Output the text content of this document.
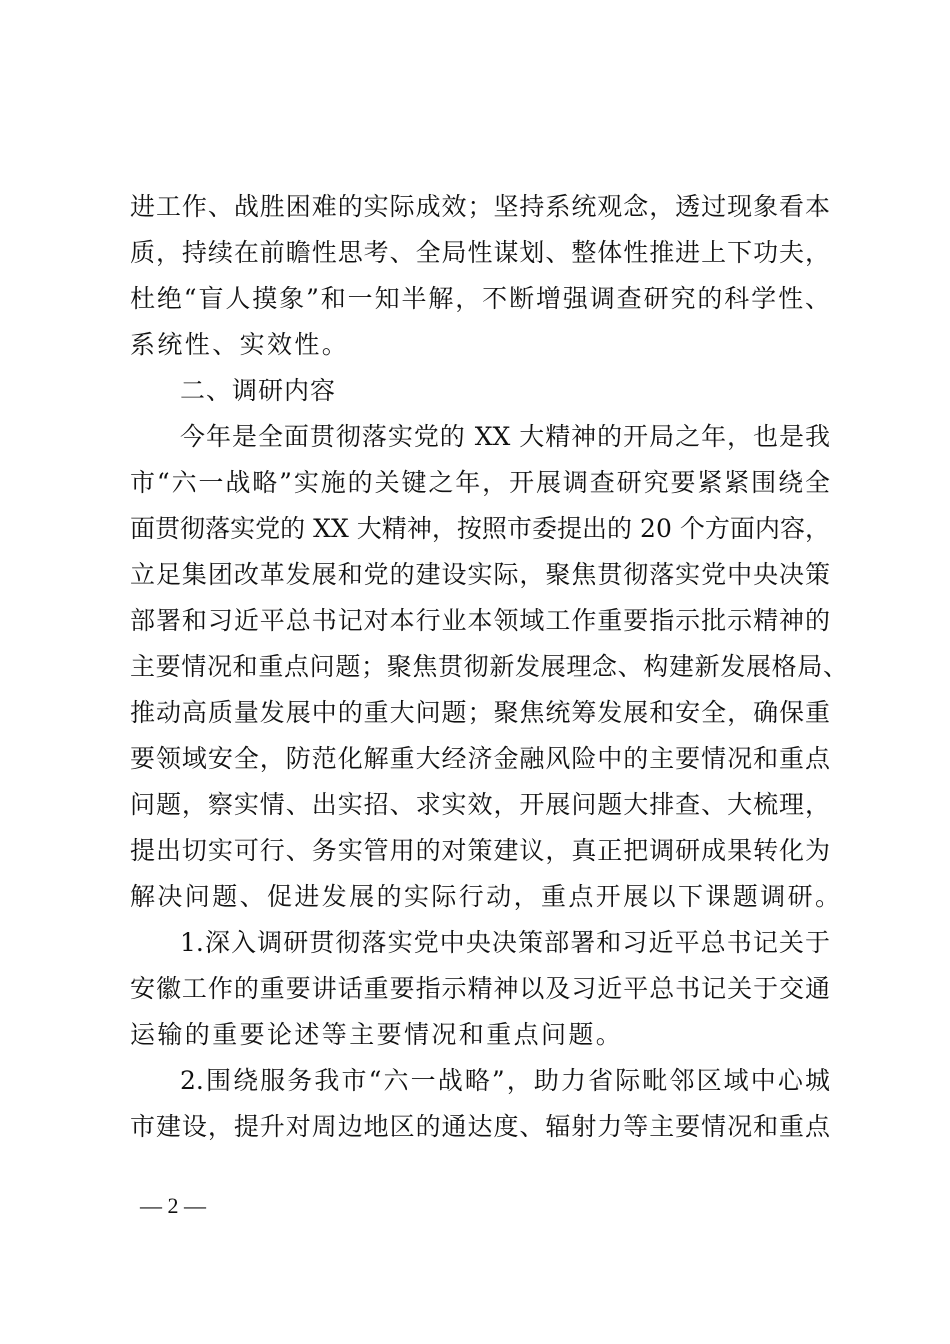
进工作、战胜困难的实际成效；坚持系统观念，透过现象看本
质，持续在前瞻性思考、全局性谋划、整体性推进上下功夫，
杜绝“盲人摸象”和一知半解，不断增强调查研究的科学性、
系统性、实效性。
二、调研内容
今年是全面贯彻落实党的 XX 大精神的开局之年，也是我
市“六一战略”实施的关键之年，开展调查研究要紧紧围绕全
面贯彻落实党的 XX 大精神，按照市委提出的 20 个方面内容，
立足集团改革发展和党的建设实际，聚焦贯彻落实党中央决策
部署和习近平总书记对本行业本领域工作重要指示批示精神的
主要情况和重点问题；聚焦贯彻新发展理念、构建新发展格局、
推动高质量发展中的重大问题；聚焦统筹发展和安全，确保重
要领域安全，防范化解重大经济金融风险中的主要情况和重点
问题，察实情、出实招、求实效，开展问题大排查、大梳理，
提出切实可行、务实管用的对策建议，真正把调研成果转化为
解决问题、促进发展的实际行动，重点开展以下课题调研。
1.深入调研贯彻落实党中央决策部署和习近平总书记关于
安徽工作的重要讲话重要指示精神以及习近平总书记关于交通
运输的重要论述等主要情况和重点问题。
2.围绕服务我市“六一战略”，助力省际毗邻区域中心城
市建设，提升对周边地区的通达度、辐射力等主要情况和重点
— 2 —
